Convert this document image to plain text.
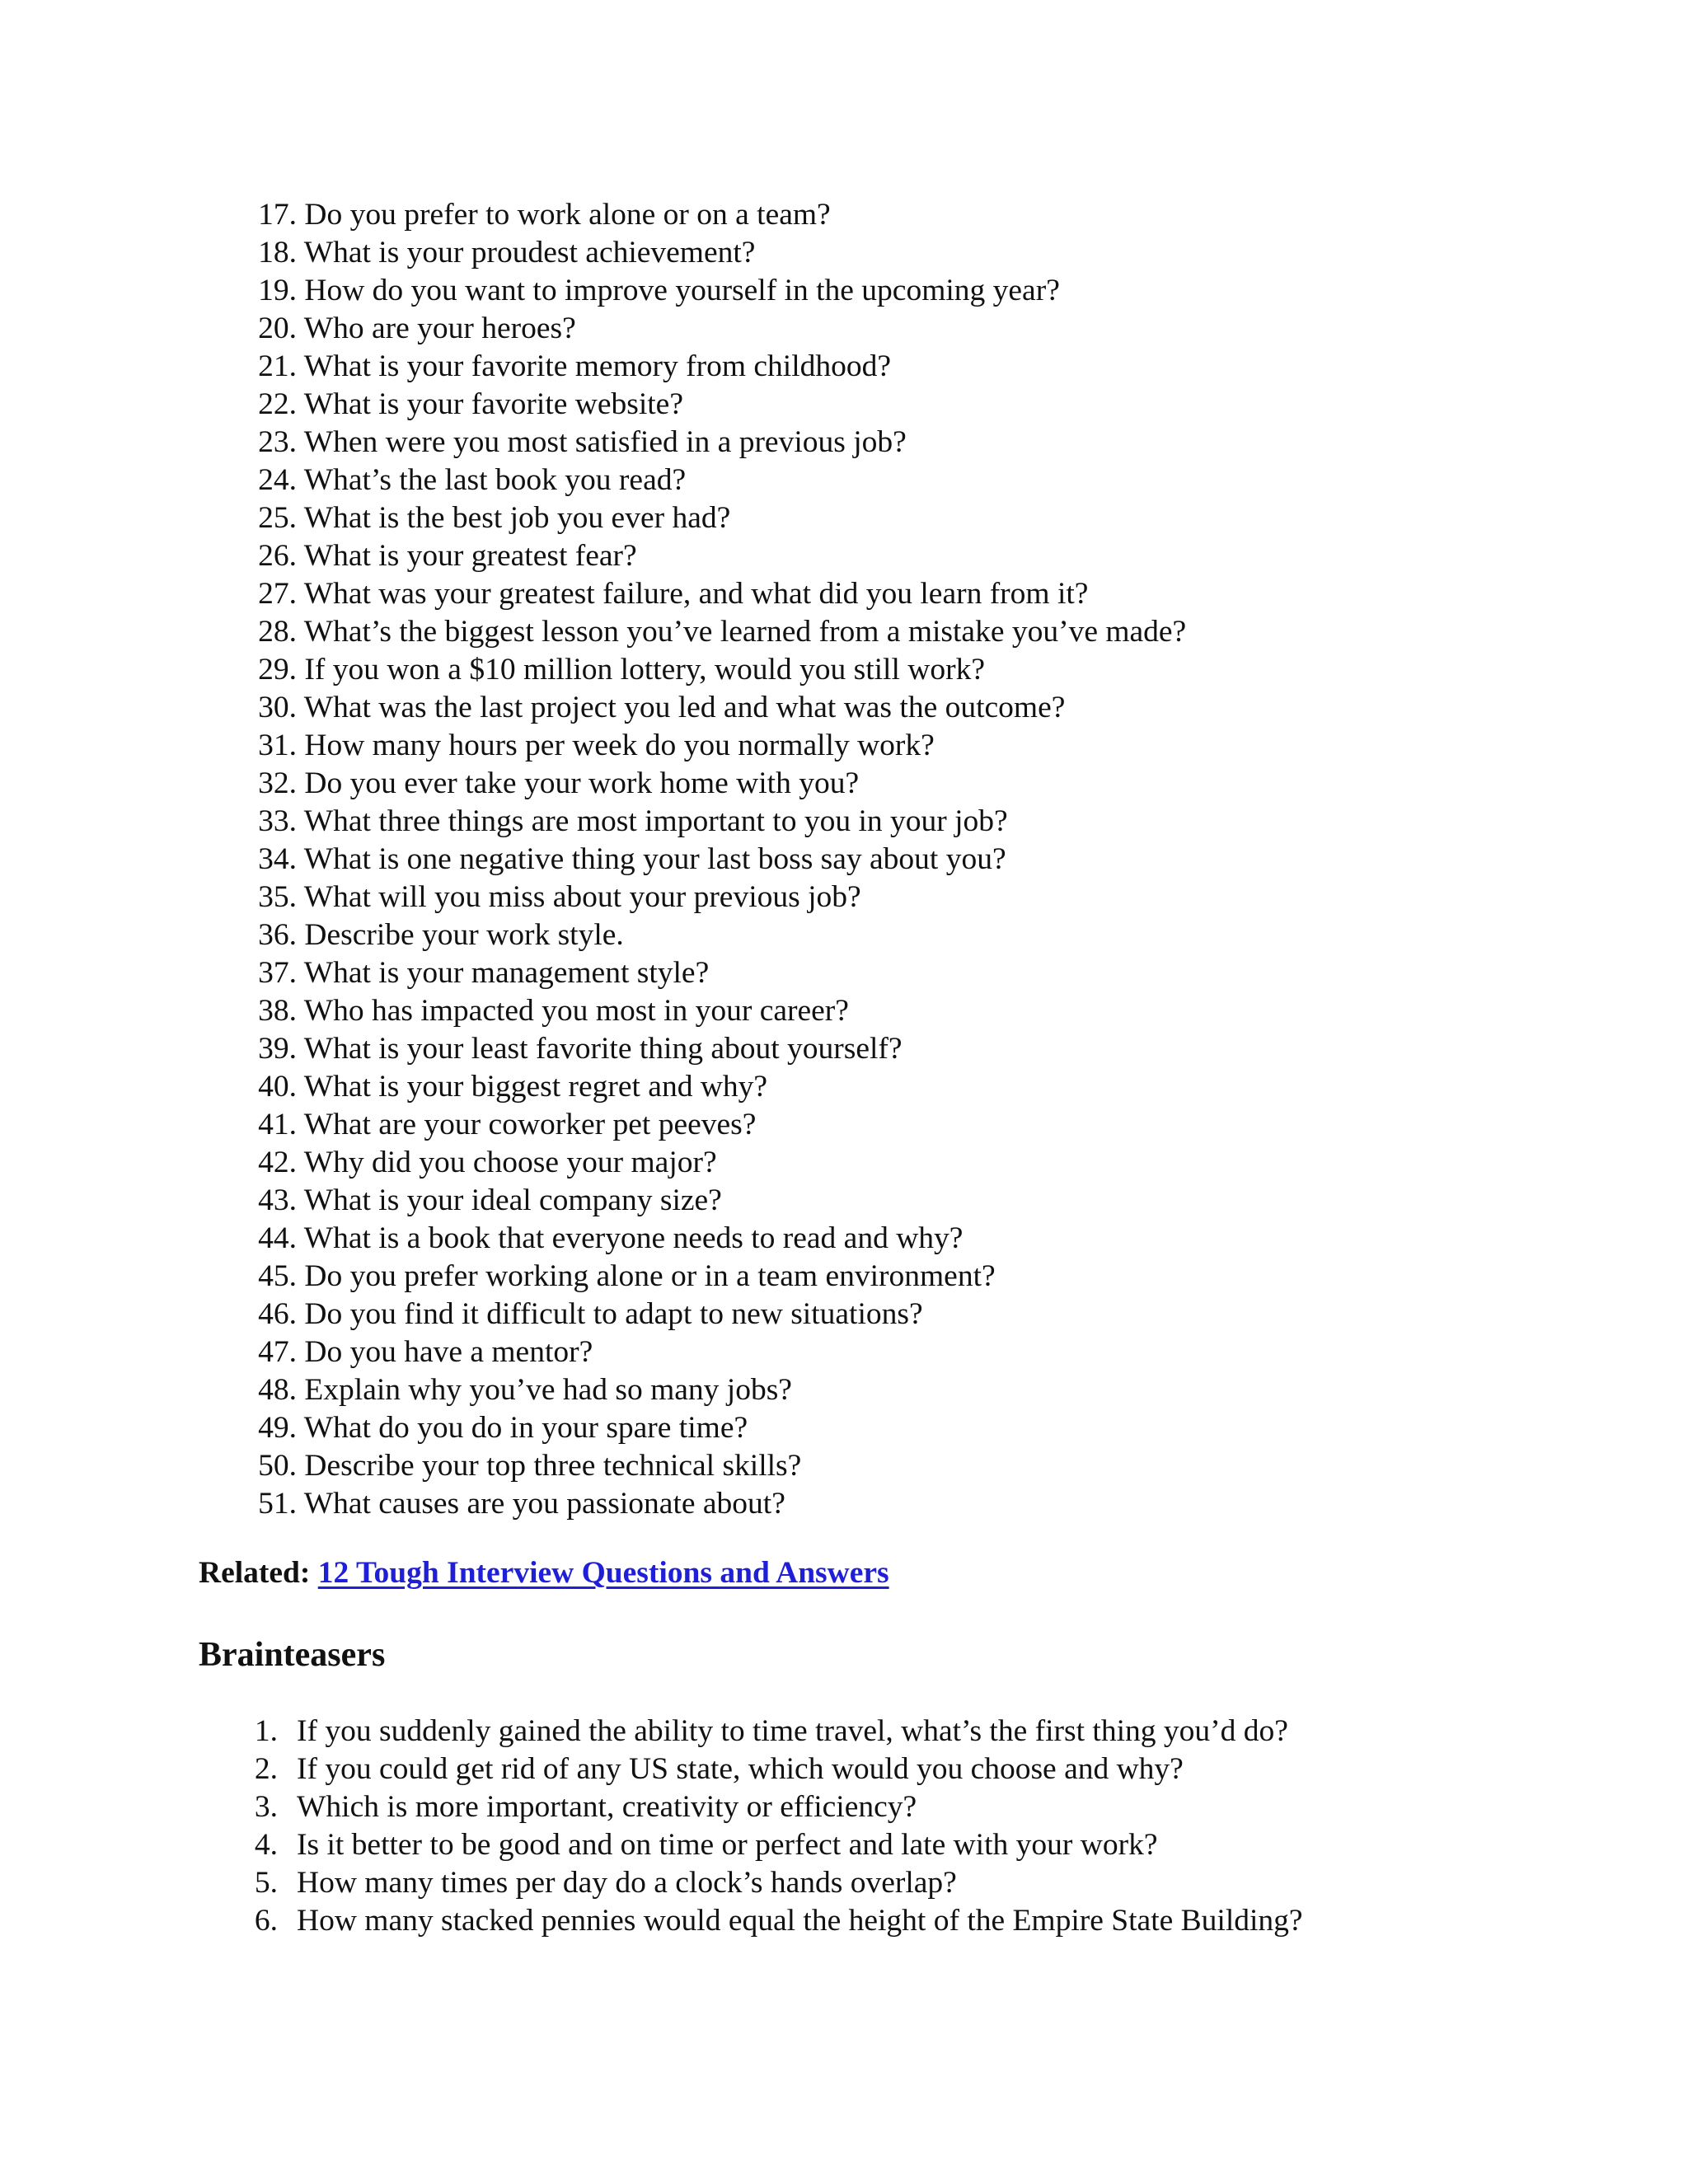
17. Do you prefer to work alone or on a team?
18. What is your proudest achievement?
19. How do you want to improve yourself in the upcoming year?
20. Who are your heroes?
21. What is your favorite memory from childhood?
22. What is your favorite website?
23. When were you most satisfied in a previous job?
24. What’s the last book you read?
25. What is the best job you ever had?
26. What is your greatest fear?
27. What was your greatest failure, and what did you learn from it?
28. What’s the biggest lesson you’ve learned from a mistake you’ve made?
29. If you won a $10 million lottery, would you still work?
30. What was the last project you led and what was the outcome?
31. How many hours per week do you normally work?
32. Do you ever take your work home with you?
33. What three things are most important to you in your job?
34. What is one negative thing your last boss say about you?
35. What will you miss about your previous job?
36. Describe your work style.
37. What is your management style?
38. Who has impacted you most in your career?
39. What is your least favorite thing about yourself?
40. What is your biggest regret and why?
41. What are your coworker pet peeves?
42. Why did you choose your major?
43. What is your ideal company size?
44. What is a book that everyone needs to read and why?
45. Do you prefer working alone or in a team environment?
46. Do you find it difficult to adapt to new situations?
47. Do you have a mentor?
48. Explain why you’ve had so many jobs?
49. What do you do in your spare time?
50. Describe your top three technical skills?
51. What causes are you passionate about?
Related: 12 Tough Interview Questions and Answers
Brainteasers
1. If you suddenly gained the ability to time travel, what’s the first thing you’d do?
2. If you could get rid of any US state, which would you choose and why?
3. Which is more important, creativity or efficiency?
4. Is it better to be good and on time or perfect and late with your work?
5. How many times per day do a clock’s hands overlap?
6. How many stacked pennies would equal the height of the Empire State Building?
